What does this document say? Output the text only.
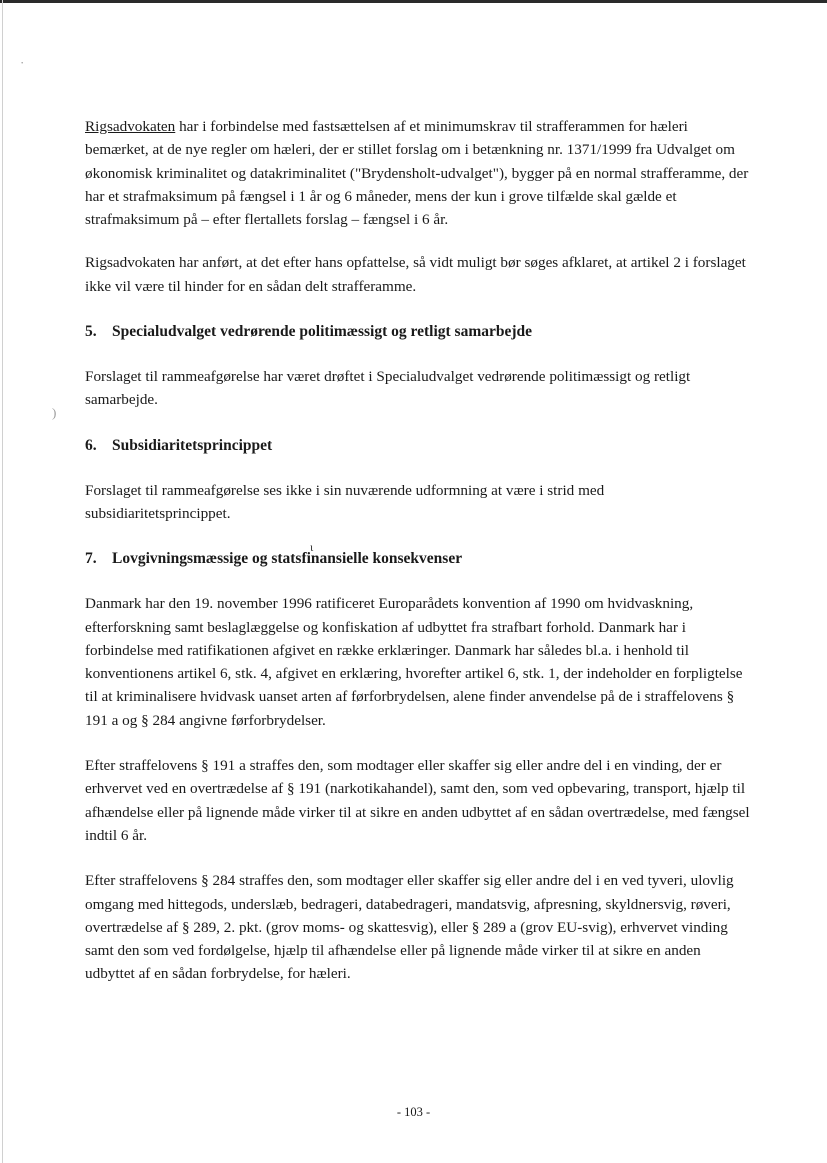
·
)
ɩ

Rigsadvokaten har i forbindelse med fastsættelsen af et minimumskrav til strafferammen for hæleri bemærket, at de nye regler om hæleri, der er stillet forslag om i betænkning nr. 1371/1999 fra Udvalget om økonomisk kriminalitet og datakriminalitet ("Brydensholt-udvalget"), bygger på en normal strafferamme, der har et strafmaksimum på fængsel i 1 år og 6 måneder, mens der kun i grove tilfælde skal gælde et strafmaksimum på – efter flertallets forslag – fængsel i 6 år.

Rigsadvokaten har anført, at det efter hans opfattelse, så vidt muligt bør søges afklaret, at artikel 2 i forslaget ikke vil være til hinder for en sådan delt strafferamme.

5. Specialudvalget vedrørende politimæssigt og retligt samarbejde

Forslaget til rammeafgørelse har været drøftet i Specialudvalget vedrørende politimæssigt og retligt samarbejde.

6. Subsidiaritetsprincippet

Forslaget til rammeafgørelse ses ikke i sin nuværende udformning at være i strid med subsidiaritetsprincippet.

7. Lovgivningsmæssige og statsfinansielle konsekvenser

Danmark har den 19. november 1996 ratificeret Europarådets konvention af 1990 om hvidvaskning, efterforskning samt beslaglæggelse og konfiskation af udbyttet fra strafbart forhold. Danmark har i forbindelse med ratifikationen afgivet en række erklæringer. Danmark har således bl.a. i henhold til konventionens artikel 6, stk. 4, afgivet en erklæring, hvorefter artikel 6, stk. 1, der indeholder en forpligtelse til at kriminalisere hvidvask uanset arten af førforbrydelsen, alene finder anvendelse på de i straffelovens § 191 a og § 284 angivne førforbrydelser.

Efter straffelovens § 191 a straffes den, som modtager eller skaffer sig eller andre del i en vinding, der er erhvervet ved en overtrædelse af § 191 (narkotikahandel), samt den, som ved opbevaring, transport, hjælp til afhændelse eller på lignende måde virker til at sikre en anden udbyttet af en sådan overtrædelse, med fængsel indtil 6 år.

Efter straffelovens § 284 straffes den, som modtager eller skaffer sig eller andre del i en ved tyveri, ulovlig omgang med hittegods, underslæb, bedrageri, databedrageri, mandatsvig, afpresning, skyldnersvig, røveri, overtrædelse af § 289, 2. pkt. (grov moms- og skattesvig), eller § 289 a (grov EU-svig), erhvervet vinding samt den som ved fordølgelse, hjælp til afhændelse eller på lignende måde virker til at sikre en anden udbyttet af en sådan forbrydelse, for hæleri.

- 103 -
